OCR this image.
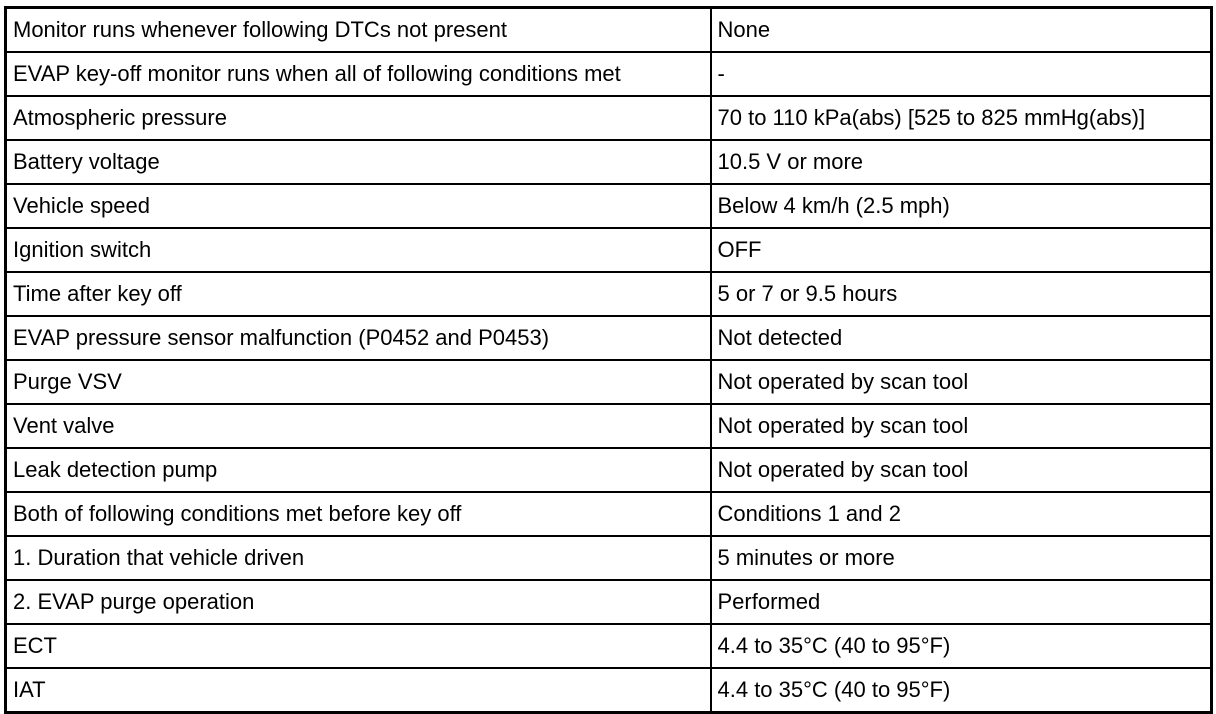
Monitor runs whenever following DTCs not present	None
EVAP key-off monitor runs when all of following conditions met	-
Atmospheric pressure	70 to 110 kPa(abs) [525 to 825 mmHg(abs)]
Battery voltage	10.5 V or more
Vehicle speed	Below 4 km/h (2.5 mph)
Ignition switch	OFF
Time after key off	5 or 7 or 9.5 hours
EVAP pressure sensor malfunction (P0452 and P0453)	Not detected
Purge VSV	Not operated by scan tool
Vent valve	Not operated by scan tool
Leak detection pump	Not operated by scan tool
Both of following conditions met before key off	Conditions 1 and 2
1. Duration that vehicle driven	5 minutes or more
2. EVAP purge operation	Performed
ECT	4.4 to 35°C (40 to 95°F)
IAT	4.4 to 35°C (40 to 95°F)
